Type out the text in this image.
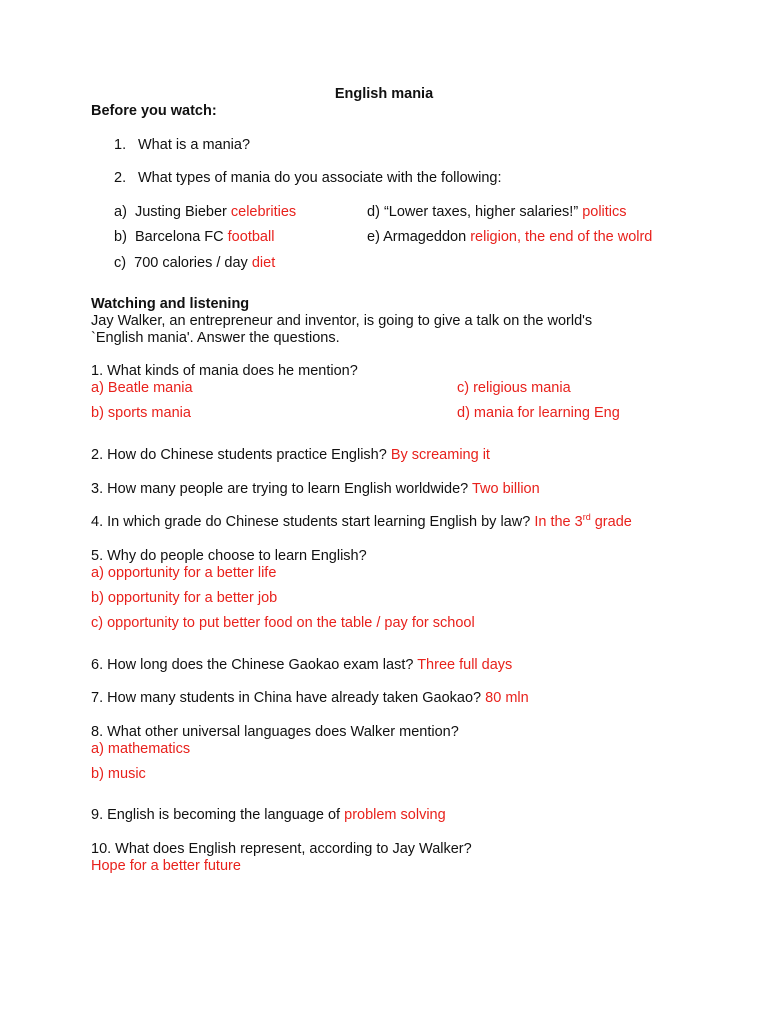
English mania
Before you watch:
1. What is a mania?
2. What types of mania do you associate with the following:
a) Justing Bieber celebrities
b) Barcelona FC football
c) 700 calories / day diet
d) “Lower taxes, higher salaries!” politics
e) Armageddon religion, the end of the wolrd
Watching and listening
Jay Walker, an entrepreneur and inventor, is going to give a talk on the world's
`English mania'. Answer the questions.
1. What kinds of mania does he mention?
a) Beatle mania
b) sports mania
c) religious mania
d) mania for learning Eng
2. How do Chinese students practice English? By screaming it
3. How many people are trying to learn English worldwide? Two billion
4. In which grade do Chinese students start learning English by law? In the 3rd grade
5. Why do people choose to learn English?
a) opportunity for a better life
b) opportunity for a better job
c) opportunity to put better food on the table / pay for school
6. How long does the Chinese Gaokao exam last? Three full days
7. How many students in China have already taken Gaokao? 80 mln
8. What other universal languages does Walker mention?
a) mathematics
b) music
9. English is becoming the language of problem solving
10. What does English represent, according to Jay Walker?
Hope for a better future
